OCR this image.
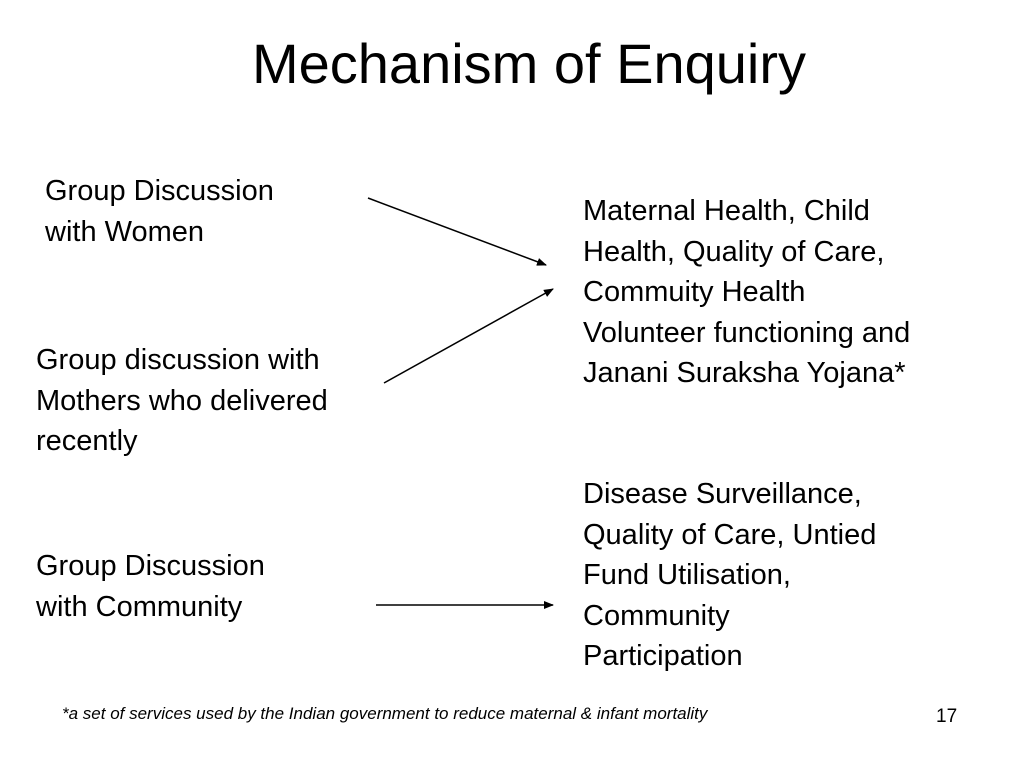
Mechanism of Enquiry
Group Discussion
with Women
Group discussion with
Mothers who delivered
recently
Group Discussion
with Community
Maternal Health, Child
Health, Quality of Care,
Commuity Health
Volunteer functioning and
Janani Suraksha Yojana*
Disease Surveillance,
Quality of Care, Untied
Fund Utilisation,
Community
Participation
*a set of services used by the Indian government to reduce maternal & infant mortality	17
